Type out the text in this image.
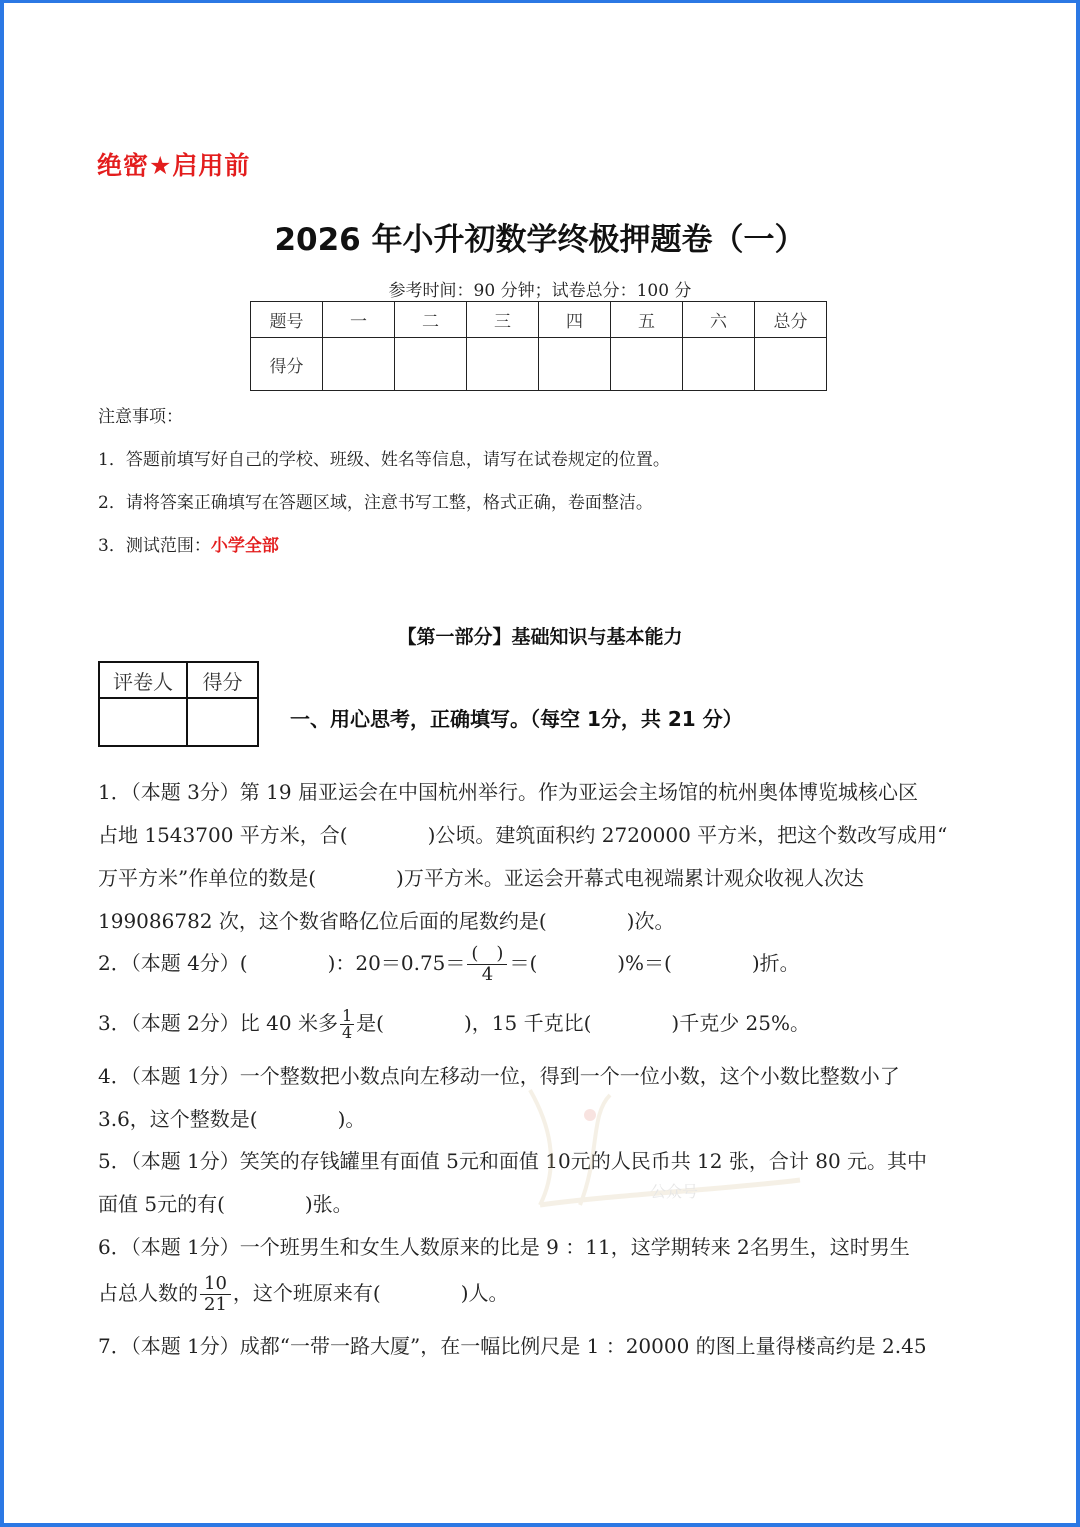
绝密★启用前
2026 年小升初数学终极押题卷（一）
参考时间：90 分钟；试卷总分：100 分
题号	一	二	三	四	五	六	总分
得分							
注意事项：
1．答题前填写好自己的学校、班级、姓名等信息，请写在试卷规定的位置。
2．请将答案正确填写在答题区域，注意书写工整，格式正确，卷面整洁。
3．测试范围：小学全部
【第一部分】基础知识与基本能力
评卷人	得分

一、用心思考，正确填写。（每空 1分，共 21 分）
1．（本题 3分）第 19 届亚运会在中国杭州举行。作为亚运会主场馆的杭州奥体博览城核心区
占地 1543700 平方米，合(　　　　)公顷。建筑面积约 2720000 平方米，把这个数改写成用“
万平方米”作单位的数是(　　　　)万平方米。亚运会开幕式电视端累计观众收视人次达
199086782 次，这个数省略亿位后面的尾数约是(　　　　)次。
2．（本题 4分）(　　　　)：$20=0.75= \frac{( )}{4}$ ＝(　　　　)%＝(　　　　)折。
3．（本题 2分）比 40 米多 $\frac{1}{4}$ 是(　　　　)，15 千克比(　　　　)千克少 25%。
4．（本题 1分）一个整数把小数点向左移动一位，得到一个一位小数，这个小数比整数小了
3.6，这个整数是(　　　　)。
5．（本题 1分）笑笑的存钱罐里有面值 5元和面值 10元的人民币共 12 张，合计 80 元。其中
面值 5元的有(　　　　)张。
6．（本题 1分）一个班男生和女生人数原来的比是 9 ：11，这学期转来 2名男生，这时男生
占总人数的 $\frac{10}{21}$ ，这个班原来有(　　　　)人。
7．（本题 1分）成都“一带一路大厦”，在一幅比例尺是 1 ：20000 的图上量得楼高约是 2.45
公众号
